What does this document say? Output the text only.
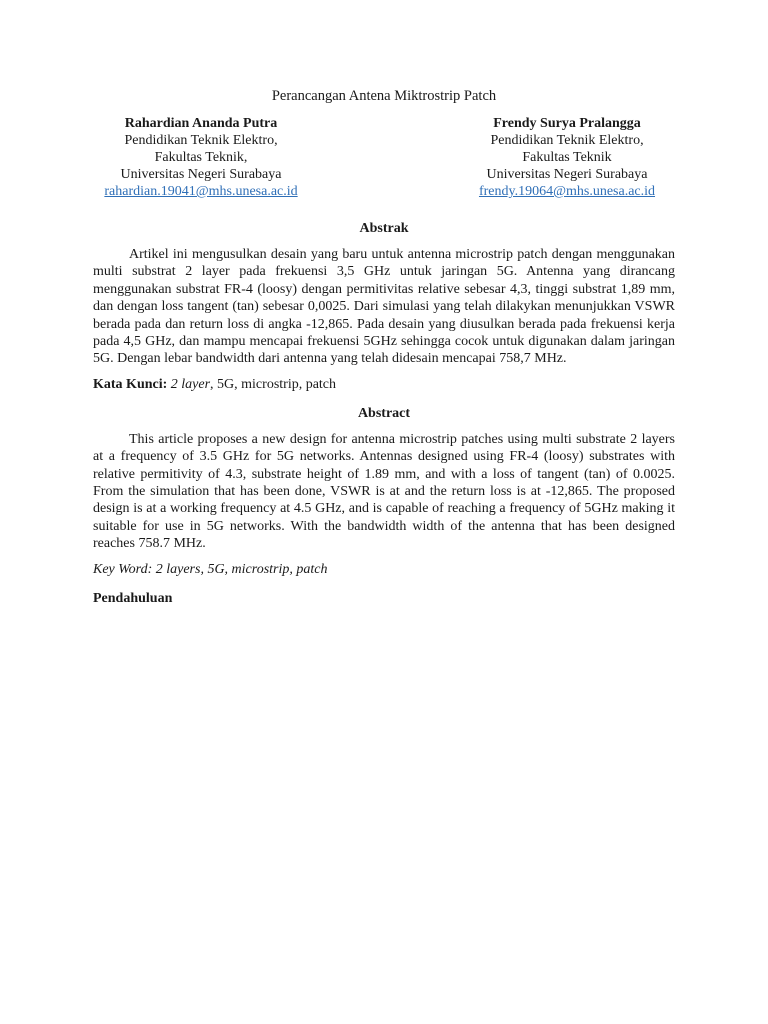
Perancangan Antena Miktrostrip Patch
Rahardian Ananda Putra
Pendidikan Teknik Elektro,
Fakultas Teknik,
Universitas Negeri Surabaya
rahardian.19041@mhs.unesa.ac.id
Frendy Surya Pralangga
Pendidikan Teknik Elektro,
Fakultas Teknik
Universitas Negeri Surabaya
frendy.19064@mhs.unesa.ac.id
Abstrak

Artikel ini mengusulkan desain yang baru untuk antenna microstrip patch dengan menggunakan multi substrat 2 layer pada frekuensi 3,5 GHz untuk jaringan 5G. Antenna yang dirancang menggunakan substrat FR-4 (loosy) dengan permitivitas relative sebesar 4,3, tinggi substrat 1,89 mm, dan dengan loss tangent (tan) sebesar 0,0025. Dari simulasi yang telah dilakykan menunjukkan VSWR berada pada dan return loss di angka -12,865. Pada desain yang diusulkan berada pada frekuensi kerja pada 4,5 GHz, dan mampu mencapai frekuensi 5GHz sehingga cocok untuk digunakan dalam jaringan 5G. Dengan lebar bandwidth dari antenna yang telah didesain mencapai 758,7 MHz.

Kata Kunci: 2 layer, 5G, microstrip, patch
Abstract

This article proposes a new design for antenna microstrip patches using multi substrate 2 layers at a frequency of 3.5 GHz for 5G networks. Antennas designed using FR-4 (loosy) substrates with relative permitivity of 4.3, substrate height of 1.89 mm, and with a loss of tangent (tan) of 0.0025. From the simulation that has been done, VSWR is at and the return loss is at -12,865. The proposed design is at a working frequency at 4.5 GHz, and is capable of reaching a frequency of 5GHz making it suitable for use in 5G networks. With the bandwidth width of the antenna that has been designed reaches 758.7 MHz.

Key Word: 2 layers, 5G, microstrip, patch
Pendahuluan
